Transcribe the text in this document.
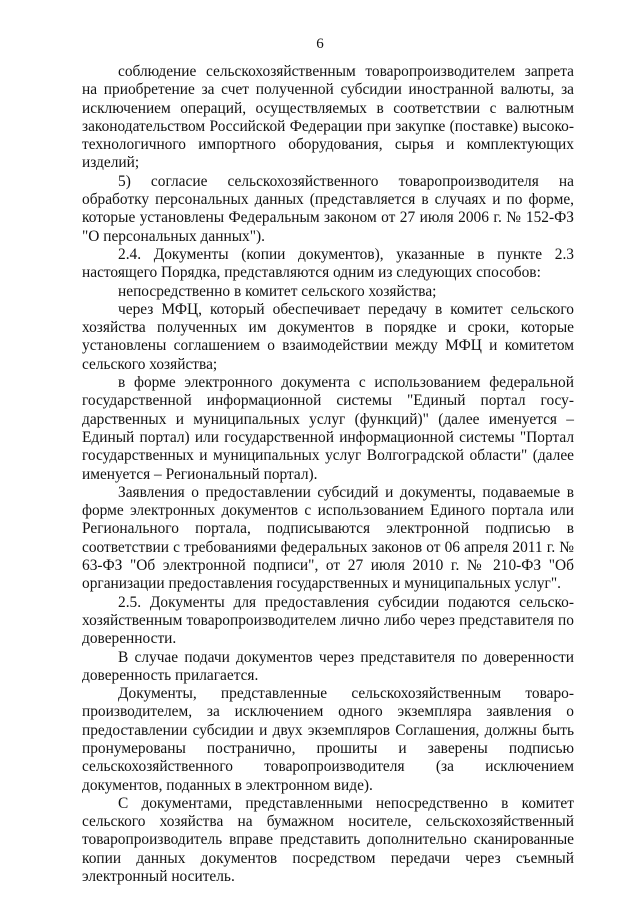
6

соблюдение сельскохозяйственным товаропроизводителем запрета на приобретение за счет полученной субсидии иностранной валюты, за исключением операций, осуществляемых в соответствии с валютным законодательством Российской Федерации при закупке (поставке) высоко-технологичного импортного оборудования, сырья и комплектующих изделий;

5) согласие сельскохозяйственного товаропроизводителя на обработку персональных данных (представляется в случаях и по форме, которые установлены Федеральным законом от 27 июля 2006 г. № 152-ФЗ "О персональных данных").

2.4. Документы (копии документов), указанные в пункте 2.3 настоящего Порядка, представляются одним из следующих способов:

непосредственно в комитет сельского хозяйства;

через МФЦ, который обеспечивает передачу в комитет сельского хозяйства полученных им документов в порядке и сроки, которые установлены соглашением о взаимодействии между МФЦ и комитетом сельского хозяйства;

в форме электронного документа с использованием федеральной государственной информационной системы "Единый портал госу-дарственных и муниципальных услуг (функций)" (далее именуется – Единый портал) или государственной информационной системы "Портал государственных и муниципальных услуг Волгоградской области" (далее именуется – Региональный портал).

Заявления о предоставлении субсидий и документы, подаваемые в форме электронных документов с использованием Единого портала или Регионального портала, подписываются электронной подписью в соответствии с требованиями федеральных законов от 06 апреля 2011 г. № 63-ФЗ "Об электронной подписи", от 27 июля 2010 г. № 210-ФЗ "Об организации предоставления государственных и муниципальных услуг".

2.5. Документы для предоставления субсидии подаются сельско-хозяйственным товаропроизводителем лично либо через представителя по доверенности.

В случае подачи документов через представителя по доверенности доверенность прилагается.

Документы, представленные сельскохозяйственным товаро-производителем, за исключением одного экземпляра заявления о предоставлении субсидии и двух экземпляров Соглашения, должны быть пронумерованы постранично, прошиты и заверены подписью сельскохозяйственного товаропроизводителя (за исключением документов, поданных в электронном виде).

С документами, представленными непосредственно в комитет сельского хозяйства на бумажном носителе, сельскохозяйственный товаропроизводитель вправе представить дополнительно сканированные копии данных документов посредством передачи через съемный электронный носитель.
